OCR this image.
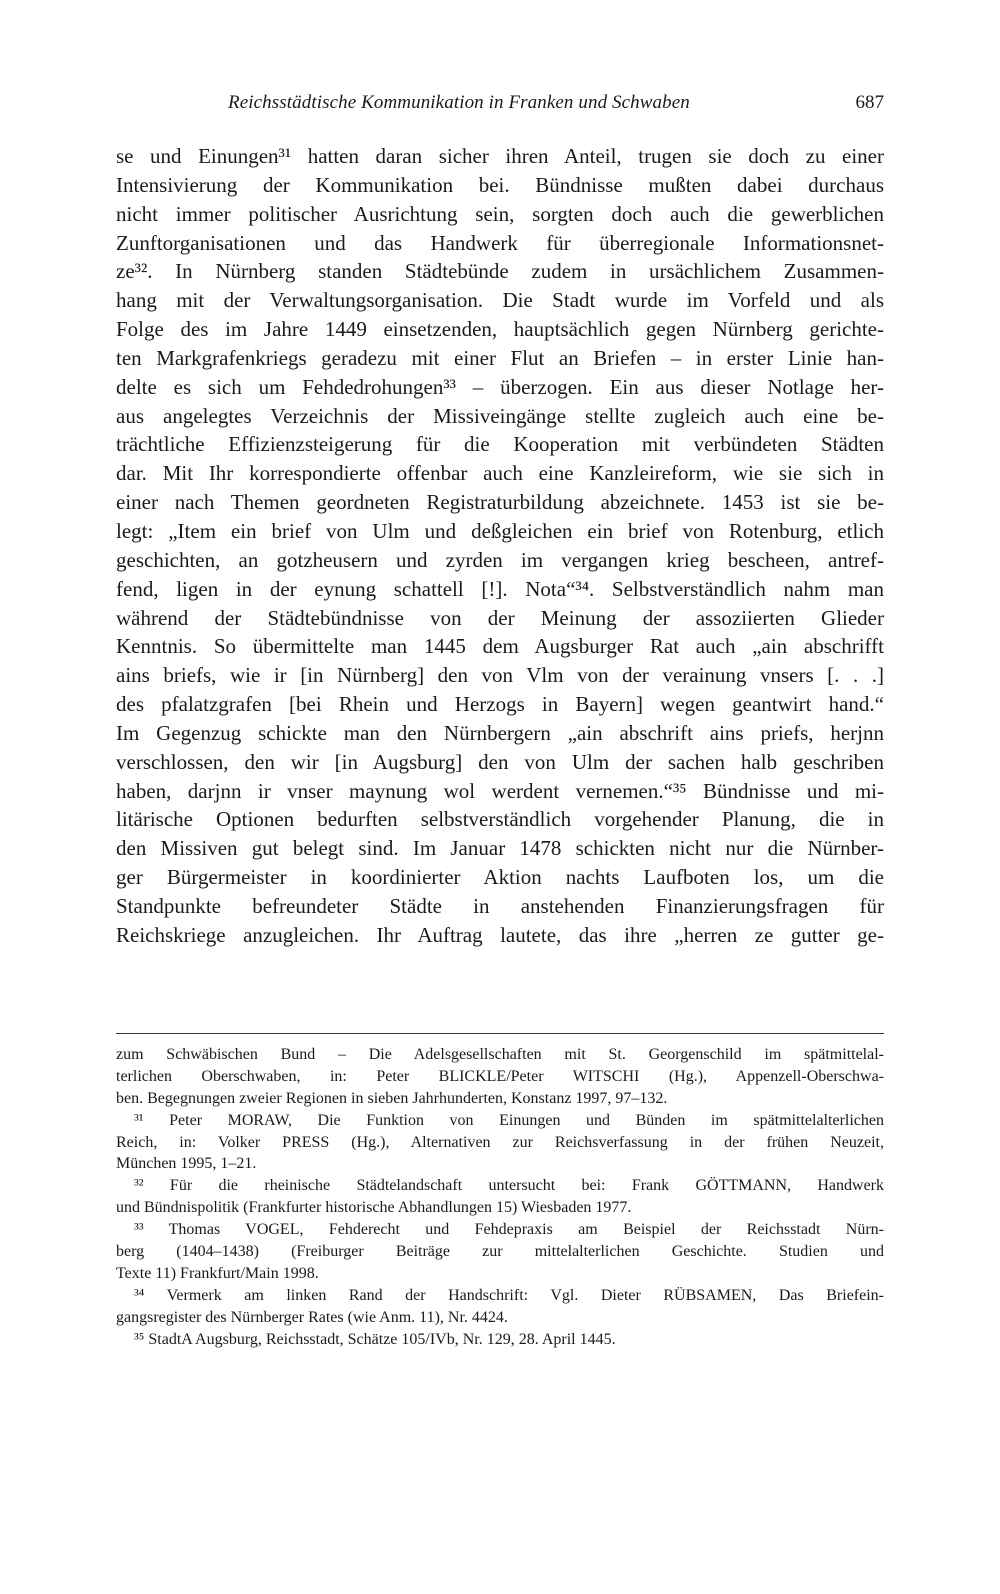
Reichsstädtische Kommunikation in Franken und Schwaben	687
se und Einungen³¹ hatten daran sicher ihren Anteil, trugen sie doch zu einer
Intensivierung der Kommunikation bei. Bündnisse mußten dabei durchaus
nicht immer politischer Ausrichtung sein, sorgten doch auch die gewerblichen
Zunftorganisationen und das Handwerk für überregionale Informationsnet-
ze³². In Nürnberg standen Städtebünde zudem in ursächlichem Zusammen-
hang mit der Verwaltungsorganisation. Die Stadt wurde im Vorfeld und als
Folge des im Jahre 1449 einsetzenden, hauptsächlich gegen Nürnberg gerichte-
ten Markgrafenkriegs geradezu mit einer Flut an Briefen – in erster Linie han-
delte es sich um Fehdedrohungen³³ – überzogen. Ein aus dieser Notlage her-
aus angelegtes Verzeichnis der Missiveingänge stellte zugleich auch eine be-
trächtliche Effizienzsteigerung für die Kooperation mit verbündeten Städten
dar. Mit Ihr korrespondierte offenbar auch eine Kanzleireform, wie sie sich in
einer nach Themen geordneten Registraturbildung abzeichnete. 1453 ist sie be-
legt: „Item ein brief von Ulm und deßgleichen ein brief von Rotenburg, etlich
geschichten, an gotzheusern und zyrden im vergangen krieg bescheen, antref-
fend, ligen in der eynung schattell [!]. Nota“³⁴. Selbstverständlich nahm man
während der Städtebündnisse von der Meinung der assoziierten Glieder
Kenntnis. So übermittelte man 1445 dem Augsburger Rat auch „ain abschrifft
ains briefs, wie ir [in Nürnberg] den von Vlm von der verainung vnsers [. . .]
des pfalatzgrafen [bei Rhein und Herzogs in Bayern] wegen geantwirt hand.“
Im Gegenzug schickte man den Nürnbergern „ain abschrift ains priefs, herjnn
verschlossen, den wir [in Augsburg] den von Ulm der sachen halb geschriben
haben, darjnn ir vnser maynung wol werdent vernemen.“³⁵ Bündnisse und mi-
litärische Optionen bedurften selbstverständlich vorgehender Planung, die in
den Missiven gut belegt sind. Im Januar 1478 schickten nicht nur die Nürnber-
ger Bürgermeister in koordinierter Aktion nachts Laufboten los, um die
Standpunkte befreundeter Städte in anstehenden Finanzierungsfragen für
Reichskriege anzugleichen. Ihr Auftrag lautete, das ihre „herren ze gutter ge-
zum Schwäbischen Bund – Die Adelsgesellschaften mit St. Georgenschild im spätmittelal-
terlichen Oberschwaben, in: Peter BLICKLE/Peter WITSCHI (Hg.), Appenzell-Oberschwa-
ben. Begegnungen zweier Regionen in sieben Jahrhunderten, Konstanz 1997, 97–132.
³¹ Peter MORAW, Die Funktion von Einungen und Bünden im spätmittelalterlichen
Reich, in: Volker PRESS (Hg.), Alternativen zur Reichsverfassung in der frühen Neuzeit,
München 1995, 1–21.
³² Für die rheinische Städtelandschaft untersucht bei: Frank GÖTTMANN, Handwerk
und Bündnispolitik (Frankfurter historische Abhandlungen 15) Wiesbaden 1977.
³³ Thomas VOGEL, Fehderecht und Fehdepraxis am Beispiel der Reichsstadt Nürn-
berg (1404–1438) (Freiburger Beiträge zur mittelalterlichen Geschichte. Studien und
Texte 11) Frankfurt/Main 1998.
³⁴ Vermerk am linken Rand der Handschrift: Vgl. Dieter RÜBSAMEN, Das Briefein-
gangsregister des Nürnberger Rates (wie Anm. 11), Nr. 4424.
³⁵ StadtA Augsburg, Reichsstadt, Schätze 105/IVb, Nr. 129, 28. April 1445.
